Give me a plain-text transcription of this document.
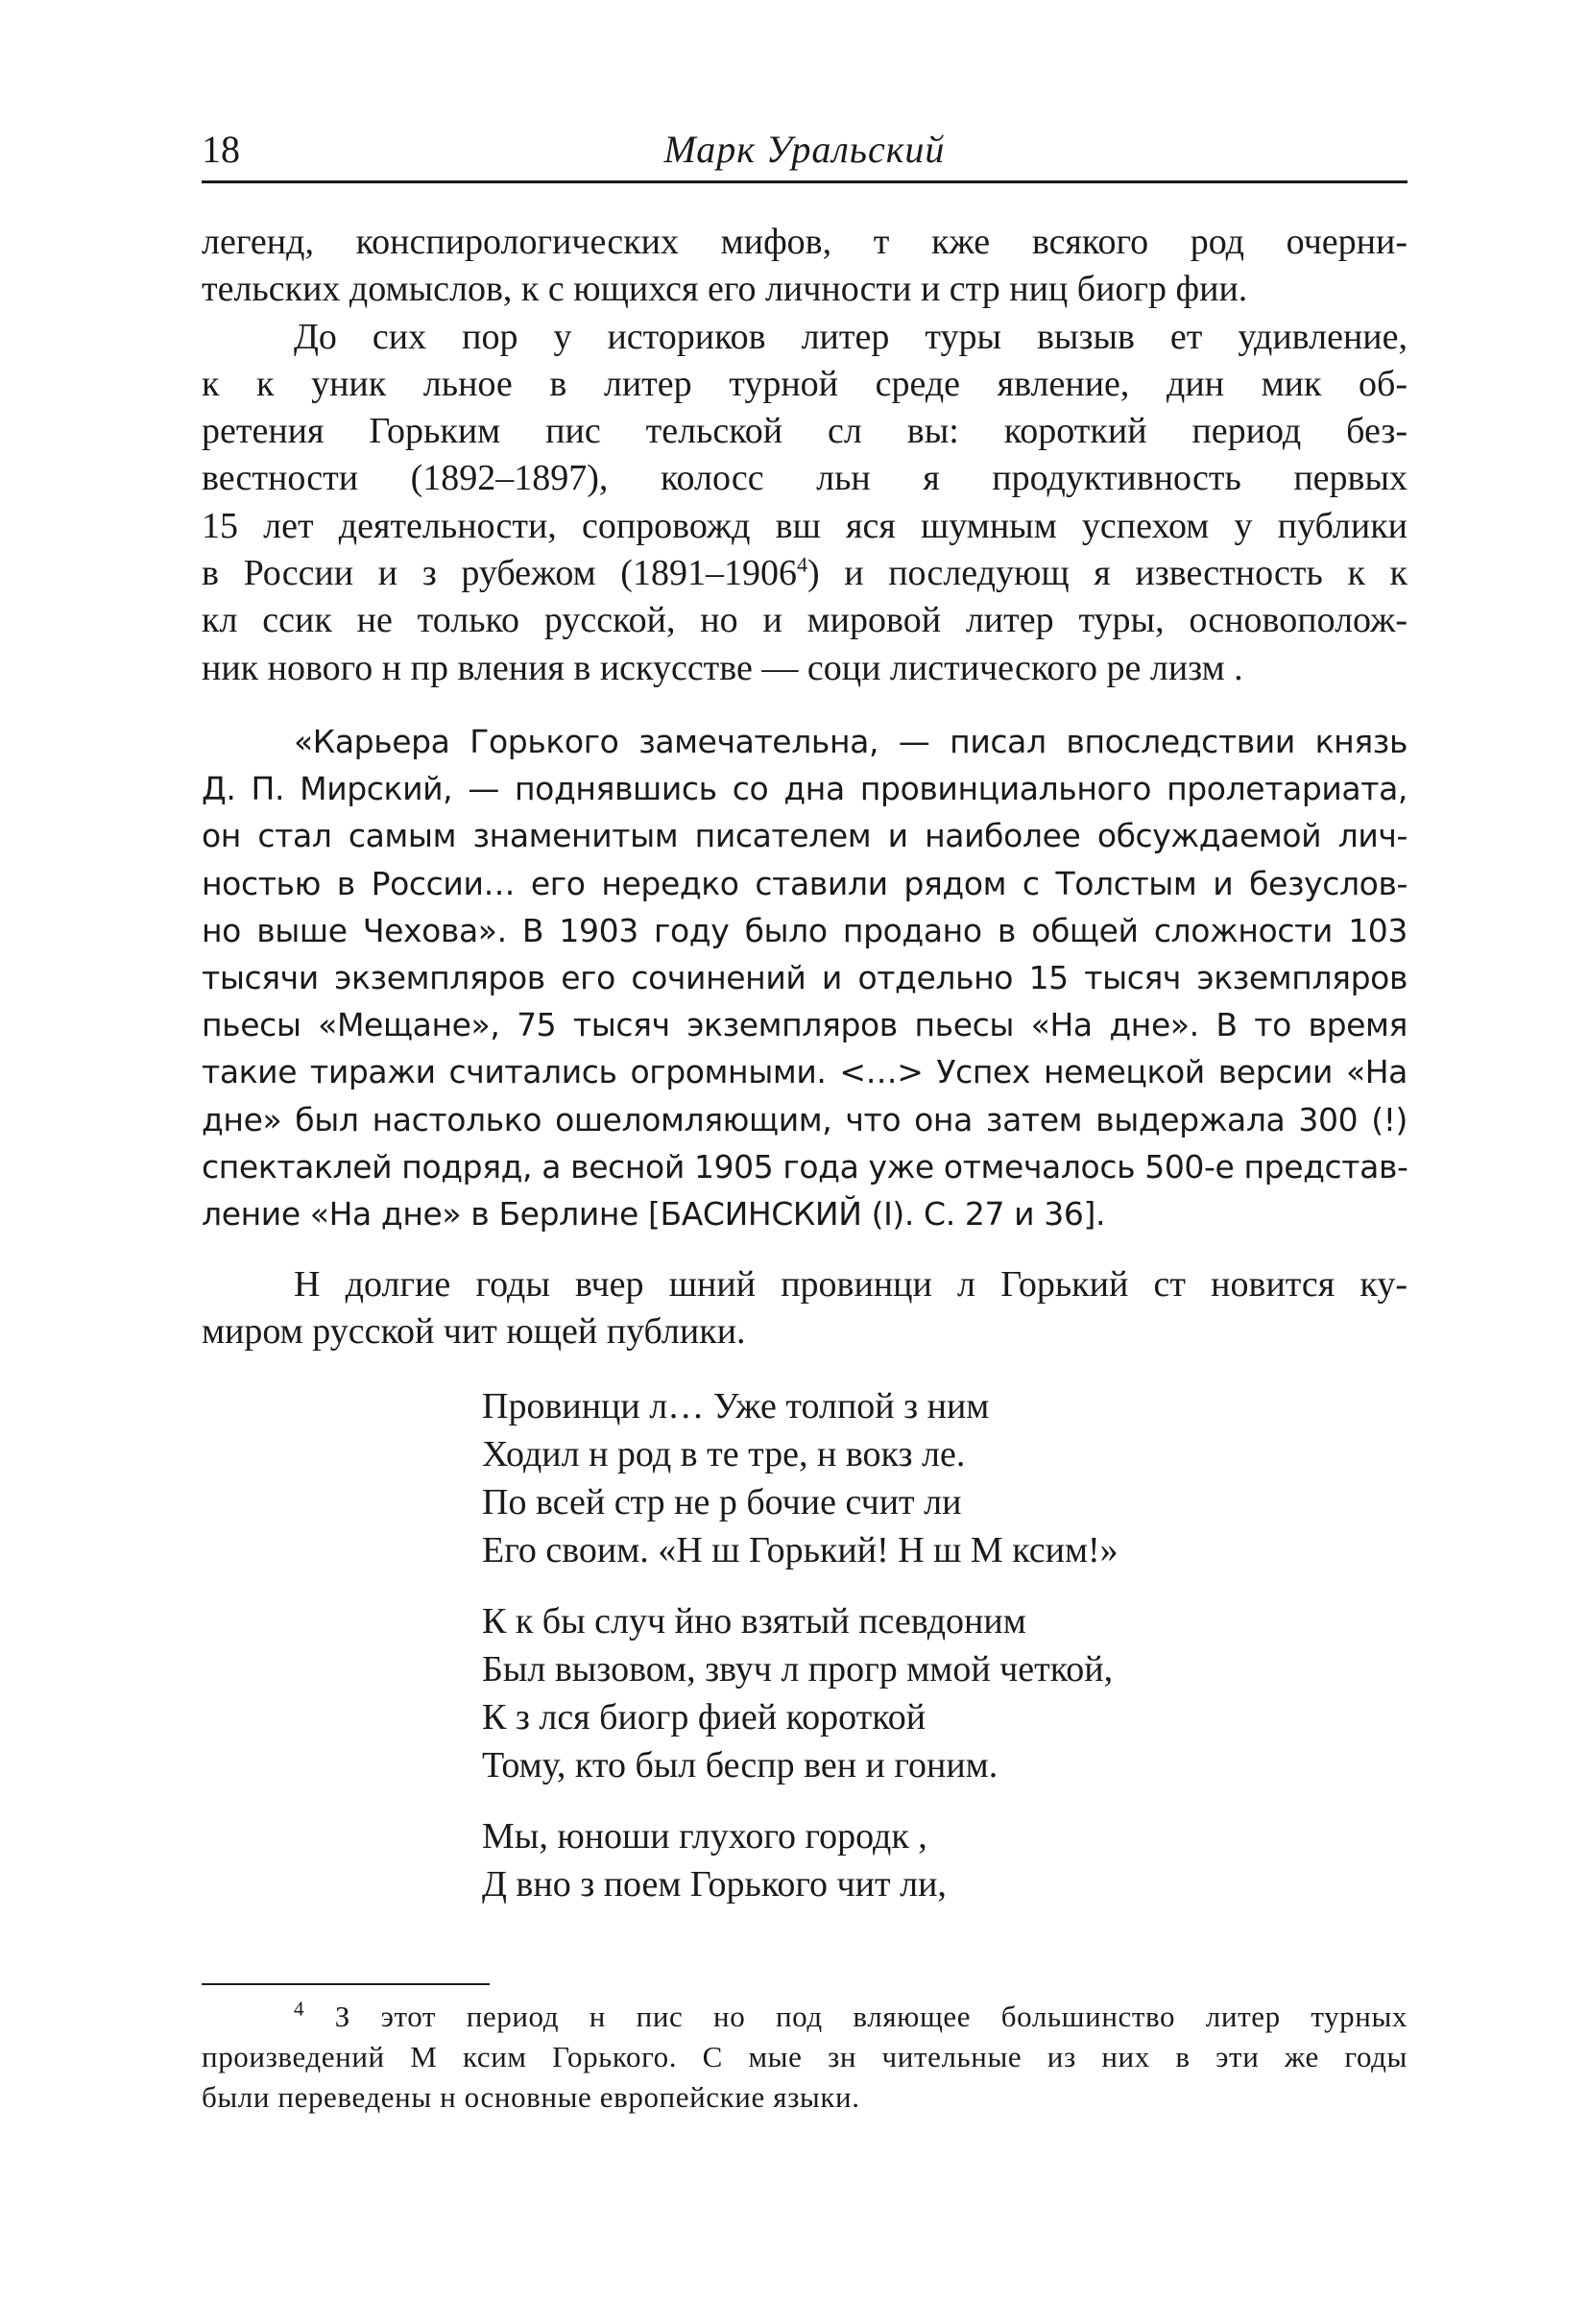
18	Марк Уральский
легенд, конспирологических мифов, т кже всякого род очерни-
тельских домыслов, к с ющихся его личности и стр ниц биогр фии.
До сих пор у историков литер туры вызыв ет удивление,
к к уник льное в литер турной среде явление, дин мик об-
ретения Горьким пис тельской сл вы: короткий период без-
вестности (1892–1897), колосс льн я продуктивность первых
15 лет деятельности, сопровожд вш яся шумным успехом у публики
в России и з рубежом (1891–1906$^4$) и последующ я известность к к
кл ссик не только русской, но и мировой литер туры, основополож-
ник нового н пр вления в искусстве — соци листического ре лизм .
«Карьера Горького замечательна, — писал впоследствии князь
Д. П. Мирский, — поднявшись со дна провинциального пролетариата,
он стал самым знаменитым писателем и наиболее обсуждаемой лич-
ностью в России… его нередко ставили рядом с Толстым и безуслов-
но выше Чехова». В 1903 году было продано в общей сложности 103
тысячи экземпляров его сочинений и отдельно 15 тысяч экземпляров
пьесы «Мещане», 75 тысяч экземпляров пьесы «На дне». В то время
такие тиражи считались огромными. <…> Успех немецкой версии «На
дне» был настолько ошеломляющим, что она затем выдержала 300 (!)
спектаклей подряд, а весной 1905 года уже отмечалось 500-е представ-
ление «На дне» в Берлине [БАСИНСКИЙ (I). С. 27 и 36].
Н долгие годы вчер шний провинци л Горький ст новится ку-
миром русской чит ющей публики.
Провинци л… Уже толпой з ним
Ходил н род в те тре, н вокз ле.
По всей стр не р бочие счит ли
Его своим. «Н ш Горький! Н ш М ксим!»
К к бы случ йно взятый псевдоним
Был вызовом, звуч л прогр ммой четкой,
К з лся биогр фией короткой
Тому, кто был беспр вен и гоним.
Мы, юноши глухого городк ,
Д вно з поем Горького чит ли,
$^4$ З этот период н пис но под вляющее большинство литер турных
произведений М ксим Горького. С мые зн чительные из них в эти же годы
были переведены н основные европейские языки.
